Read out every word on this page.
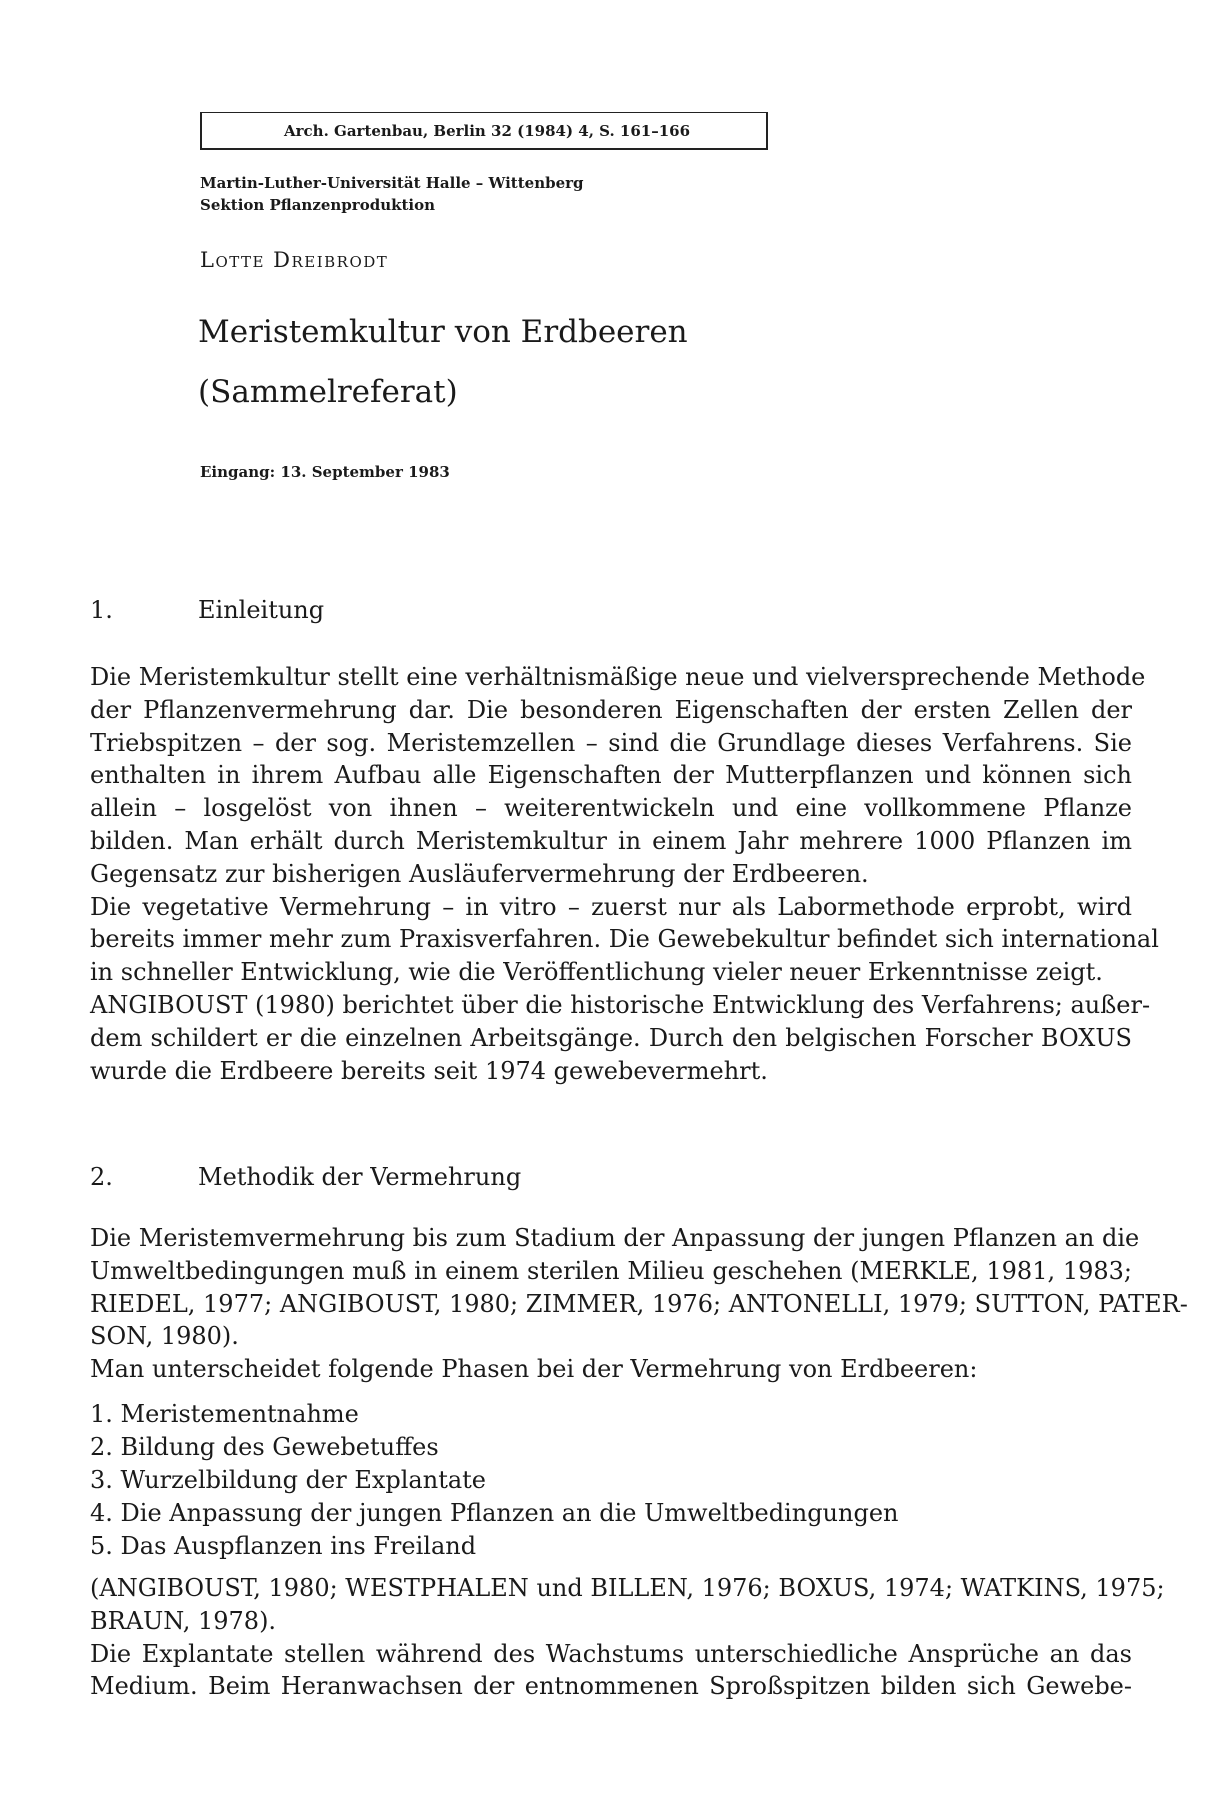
Arch. Gartenbau, Berlin 32 (1984) 4, S. 161–166
Martin-Luther-Universität Halle – Wittenberg
Sektion Pflanzenproduktion
Lotte Dreibrodt
Meristemkultur von Erdbeeren
(Sammelreferat)
Eingang: 13. September 1983
1.	Einleitung
Die Meristemkultur stellt eine verhältnismäßige neue und vielversprechende Methode
der Pflanzenvermehrung dar. Die besonderen Eigenschaften der ersten Zellen der
Triebspitzen – der sog. Meristemzellen – sind die Grundlage dieses Verfahrens. Sie
enthalten in ihrem Aufbau alle Eigenschaften der Mutterpflanzen und können sich
allein – losgelöst von ihnen – weiterentwickeln und eine vollkommene Pflanze
bilden. Man erhält durch Meristemkultur in einem Jahr mehrere 1000 Pflanzen im
Gegensatz zur bisherigen Ausläufervermehrung der Erdbeeren.
Die vegetative Vermehrung – in vitro – zuerst nur als Labormethode erprobt, wird
bereits immer mehr zum Praxisverfahren. Die Gewebekultur befindet sich international
in schneller Entwicklung, wie die Veröffentlichung vieler neuer Erkenntnisse zeigt.
ANGIBOUST (1980) berichtet über die historische Entwicklung des Verfahrens; außer-
dem schildert er die einzelnen Arbeitsgänge. Durch den belgischen Forscher BOXUS
wurde die Erdbeere bereits seit 1974 gewebevermehrt.
2.	Methodik der Vermehrung
Die Meristemvermehrung bis zum Stadium der Anpassung der jungen Pflanzen an die
Umweltbedingungen muß in einem sterilen Milieu geschehen (MERKLE, 1981, 1983;
RIEDEL, 1977; ANGIBOUST, 1980; ZIMMER, 1976; ANTONELLI, 1979; SUTTON, PATER-
SON, 1980).
Man unterscheidet folgende Phasen bei der Vermehrung von Erdbeeren:
1. Meristementnahme
2. Bildung des Gewebetuffes
3. Wurzelbildung der Explantate
4. Die Anpassung der jungen Pflanzen an die Umweltbedingungen
5. Das Auspflanzen ins Freiland
(ANGIBOUST, 1980; WESTPHALEN und BILLEN, 1976; BOXUS, 1974; WATKINS, 1975;
BRAUN, 1978).
Die Explantate stellen während des Wachstums unterschiedliche Ansprüche an das
Medium. Beim Heranwachsen der entnommenen Sproßspitzen bilden sich Gewebe-
